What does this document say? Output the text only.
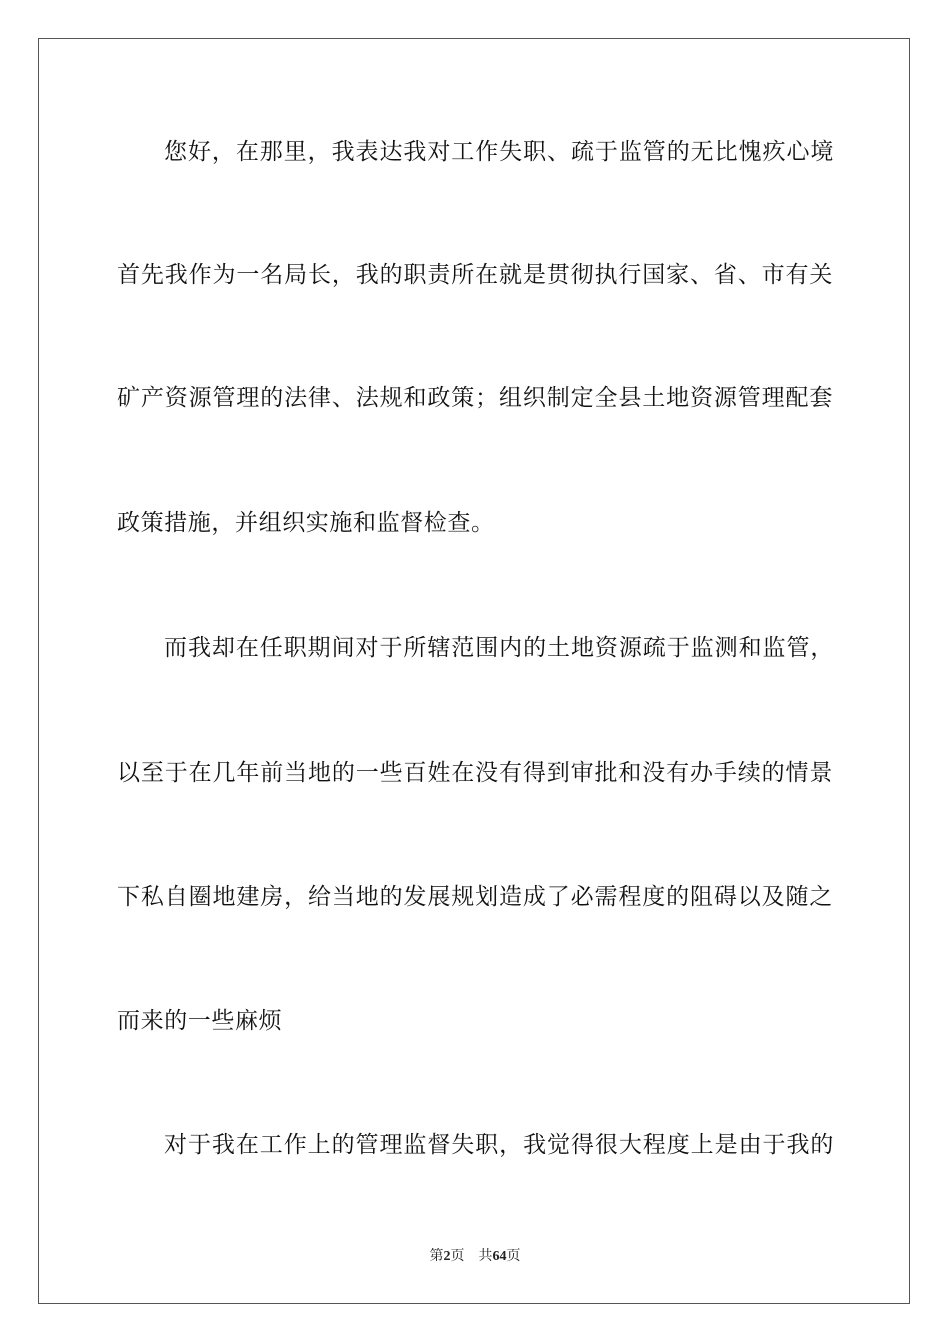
您好，在那里，我表达我对工作失职、疏于监管的无比愧疚心境
首先我作为一名局长，我的职责所在就是贯彻执行国家、省、市有关
矿产资源管理的法律、法规和政策；组织制定全县土地资源管理配套
政策措施，并组织实施和监督检查。
而我却在任职期间对于所辖范围内的土地资源疏于监测和监管，
以至于在几年前当地的一些百姓在没有得到审批和没有办手续的情景
下私自圈地建房，给当地的发展规划造成了必需程度的阻碍以及随之
而来的一些麻烦
对于我在工作上的管理监督失职，我觉得很大程度上是由于我的
第2页 共64页
